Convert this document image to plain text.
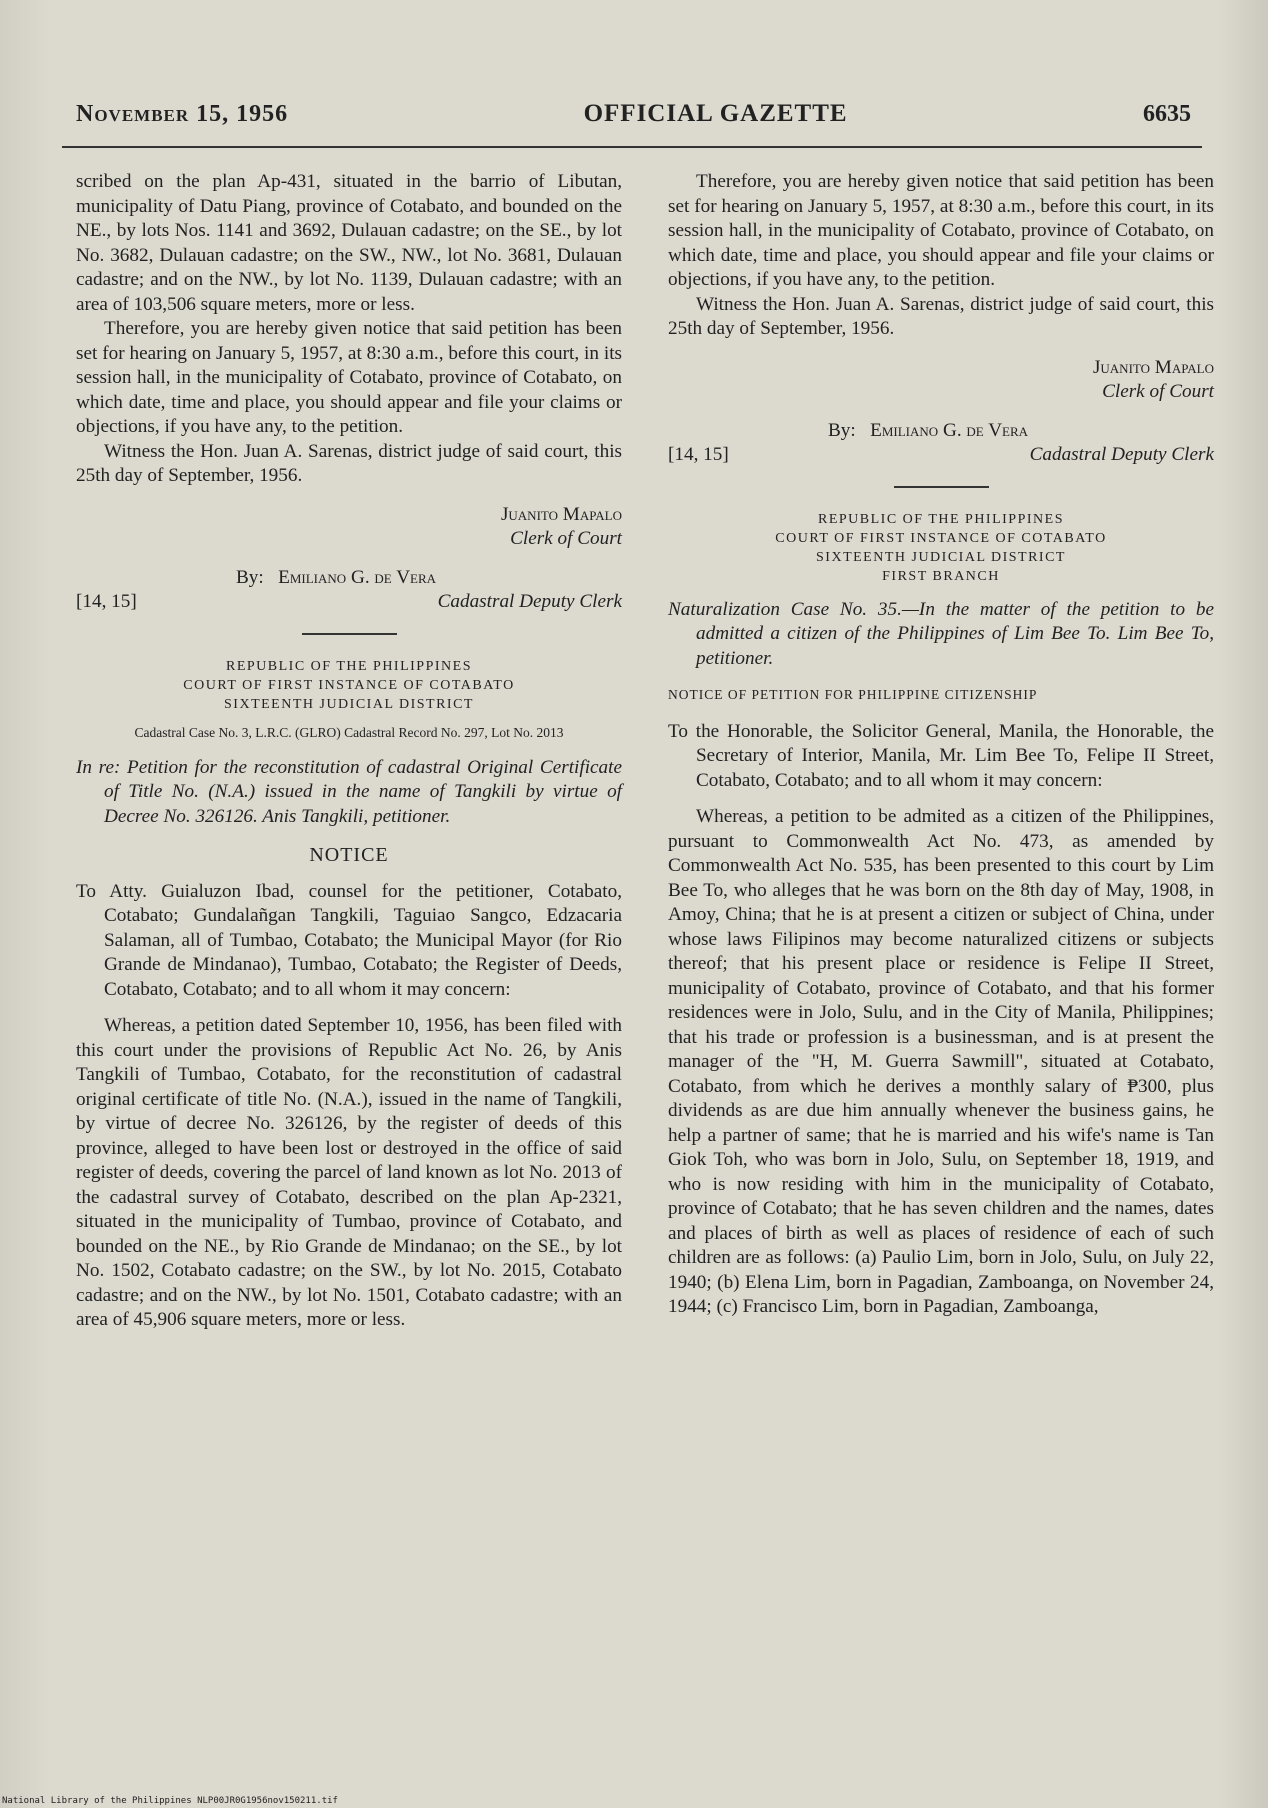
November 15, 1956	OFFICIAL GAZETTE	6635

scribed on the plan Ap-431, situated in the barrio of Libutan, municipality of Datu Piang, province of Cotabato, and bounded on the NE., by lots Nos. 1141 and 3692, Dulauan cadastre; on the SE., by lot No. 3682, Dulauan cadastre; on the SW., NW., lot No. 3681, Dulauan cadastre; and on the NW., by lot No. 1139, Dulauan cadastre; with an area of 103,506 square meters, more or less.

Therefore, you are hereby given notice that said petition has been set for hearing on January 5, 1957, at 8:30 a.m., before this court, in its session hall, in the municipality of Cotabato, province of Cotabato, on which date, time and place, you should appear and file your claims or objections, if you have any, to the petition.

Witness the Hon. Juan A. Sarenas, district judge of said court, this 25th day of September, 1956.

Juanito Mapalo
Clerk of Court
By: Emiliano G. de Vera
[14, 15]	Cadastral Deputy Clerk
REPUBLIC OF THE PHILIPPINES
COURT OF FIRST INSTANCE OF COTABATO
SIXTEENTH JUDICIAL DISTRICT
Cadastral Case No. 3, L.R.C. (GLRO) Cadastral Record No. 297, Lot No. 2013

In re: Petition for the reconstitution of cadastral Original Certificate of Title No. (N.A.) issued in the name of Tangkili by virtue of Decree No. 326126. Anis Tangkili, petitioner.

NOTICE

To Atty. Guialuzon Ibad, counsel for the petitioner, Cotabato, Cotabato; Gundalañgan Tangkili, Taguiao Sangco, Edzacaria Salaman, all of Tumbao, Cotabato; the Municipal Mayor (for Rio Grande de Mindanao), Tumbao, Cotabato; the Register of Deeds, Cotabato, Cotabato; and to all whom it may concern:

Whereas, a petition dated September 10, 1956, has been filed with this court under the provisions of Republic Act No. 26, by Anis Tangkili of Tumbao, Cotabato, for the reconstitution of cadastral original certificate of title No. (N.A.), issued in the name of Tangkili, by virtue of decree No. 326126, by the register of deeds of this province, alleged to have been lost or destroyed in the office of said register of deeds, covering the parcel of land known as lot No. 2013 of the cadastral survey of Cotabato, described on the plan Ap-2321, situated in the municipality of Tumbao, province of Cotabato, and bounded on the NE., by Rio Grande de Mindanao; on the SE., by lot No. 1502, Cotabato cadastre; on the SW., by lot No. 2015, Cotabato cadastre; and on the NW., by lot No. 1501, Cotabato cadastre; with an area of 45,906 square meters, more or less.

Therefore, you are hereby given notice that said petition has been set for hearing on January 5, 1957, at 8:30 a.m., before this court, in its session hall, in the municipality of Cotabato, province of Cotabato, on which date, time and place, you should appear and file your claims or objections, if you have any, to the petition.

Witness the Hon. Juan A. Sarenas, district judge of said court, this 25th day of September, 1956.

Juanito Mapalo
Clerk of Court
By: Emiliano G. de Vera
[14, 15]	Cadastral Deputy Clerk
REPUBLIC OF THE PHILIPPINES
COURT OF FIRST INSTANCE OF COTABATO
SIXTEENTH JUDICIAL DISTRICT
FIRST BRANCH

Naturalization Case No. 35.—In the matter of the petition to be admitted a citizen of the Philippines of Lim Bee To. Lim Bee To, petitioner.

NOTICE OF PETITION FOR PHILIPPINE CITIZENSHIP

To the Honorable, the Solicitor General, Manila, the Honorable, the Secretary of Interior, Manila, Mr. Lim Bee To, Felipe II Street, Cotabato, Cotabato; and to all whom it may concern:

Whereas, a petition to be admited as a citizen of the Philippines, pursuant to Commonwealth Act No. 473, as amended by Commonwealth Act No. 535, has been presented to this court by Lim Bee To, who alleges that he was born on the 8th day of May, 1908, in Amoy, China; that he is at present a citizen or subject of China, under whose laws Filipinos may become naturalized citizens or subjects thereof; that his present place or residence is Felipe II Street, municipality of Cotabato, province of Cotabato, and that his former residences were in Jolo, Sulu, and in the City of Manila, Philippines; that his trade or profession is a businessman, and is at present the manager of the "H, M. Guerra Sawmill", situated at Cotabato, Cotabato, from which he derives a monthly salary of ₱300, plus dividends as are due him annually whenever the business gains, he help a partner of same; that he is married and his wife's name is Tan Giok Toh, who was born in Jolo, Sulu, on September 18, 1919, and who is now residing with him in the municipality of Cotabato, province of Cotabato; that he has seven children and the names, dates and places of birth as well as places of residence of each of such children are as follows: (a) Paulio Lim, born in Jolo, Sulu, on July 22, 1940; (b) Elena Lim, born in Pagadian, Zamboanga, on November 24, 1944; (c) Francisco Lim, born in Pagadian, Zamboanga,

National Library of the Philippines NLP00JR0G1956nov150211.tif
